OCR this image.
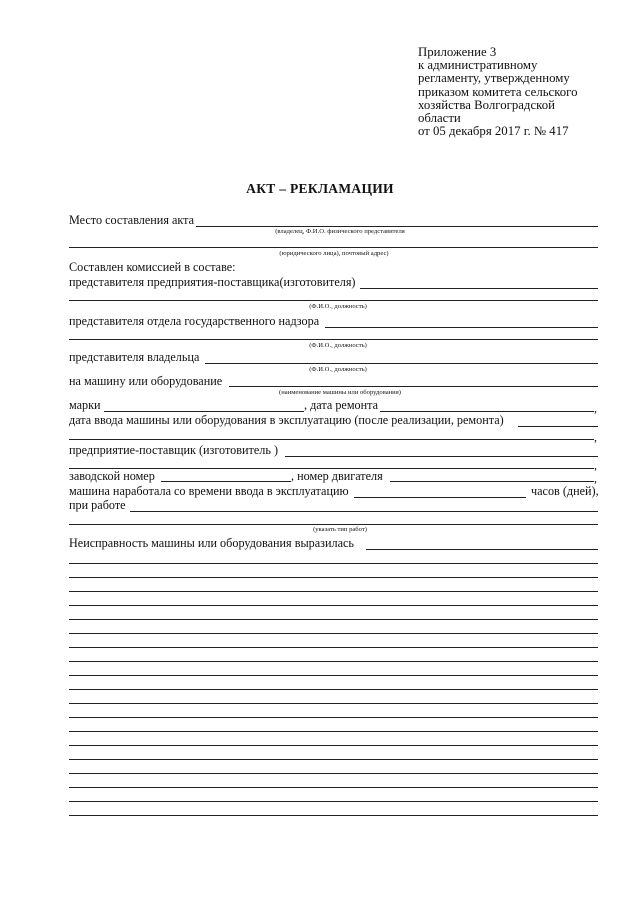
Приложение 3
к административному
регламенту, утвержденному
приказом комитета сельского
хозяйства Волгоградской
области
от 05 декабря 2017 г. № 417
АКТ – РЕКЛАМАЦИИ
Место составления акта
(владелец, Ф.И.О. физического представителя
(юридического лица), почтовый адрес)
Составлен комиссией в составе:
представителя предприятия-поставщика(изготовителя)
(Ф.И.О., должность)
представителя отдела государственного надзора
(Ф.И.О., должность)
представителя владельца
(Ф.И.О., должность)
на машину или оборудование
(наименование машины или оборудования)
марки	, дата ремонта	,
дата ввода машины или оборудования в эксплуатацию (после реализации, ремонта)
,
предприятие-поставщик (изготовитель )
,
заводской номер	, номер двигателя	,
машина наработала со времени ввода в эксплуатацию	часов (дней),
при работе
(указать тип работ)
Неисправность машины или оборудования выразилась
